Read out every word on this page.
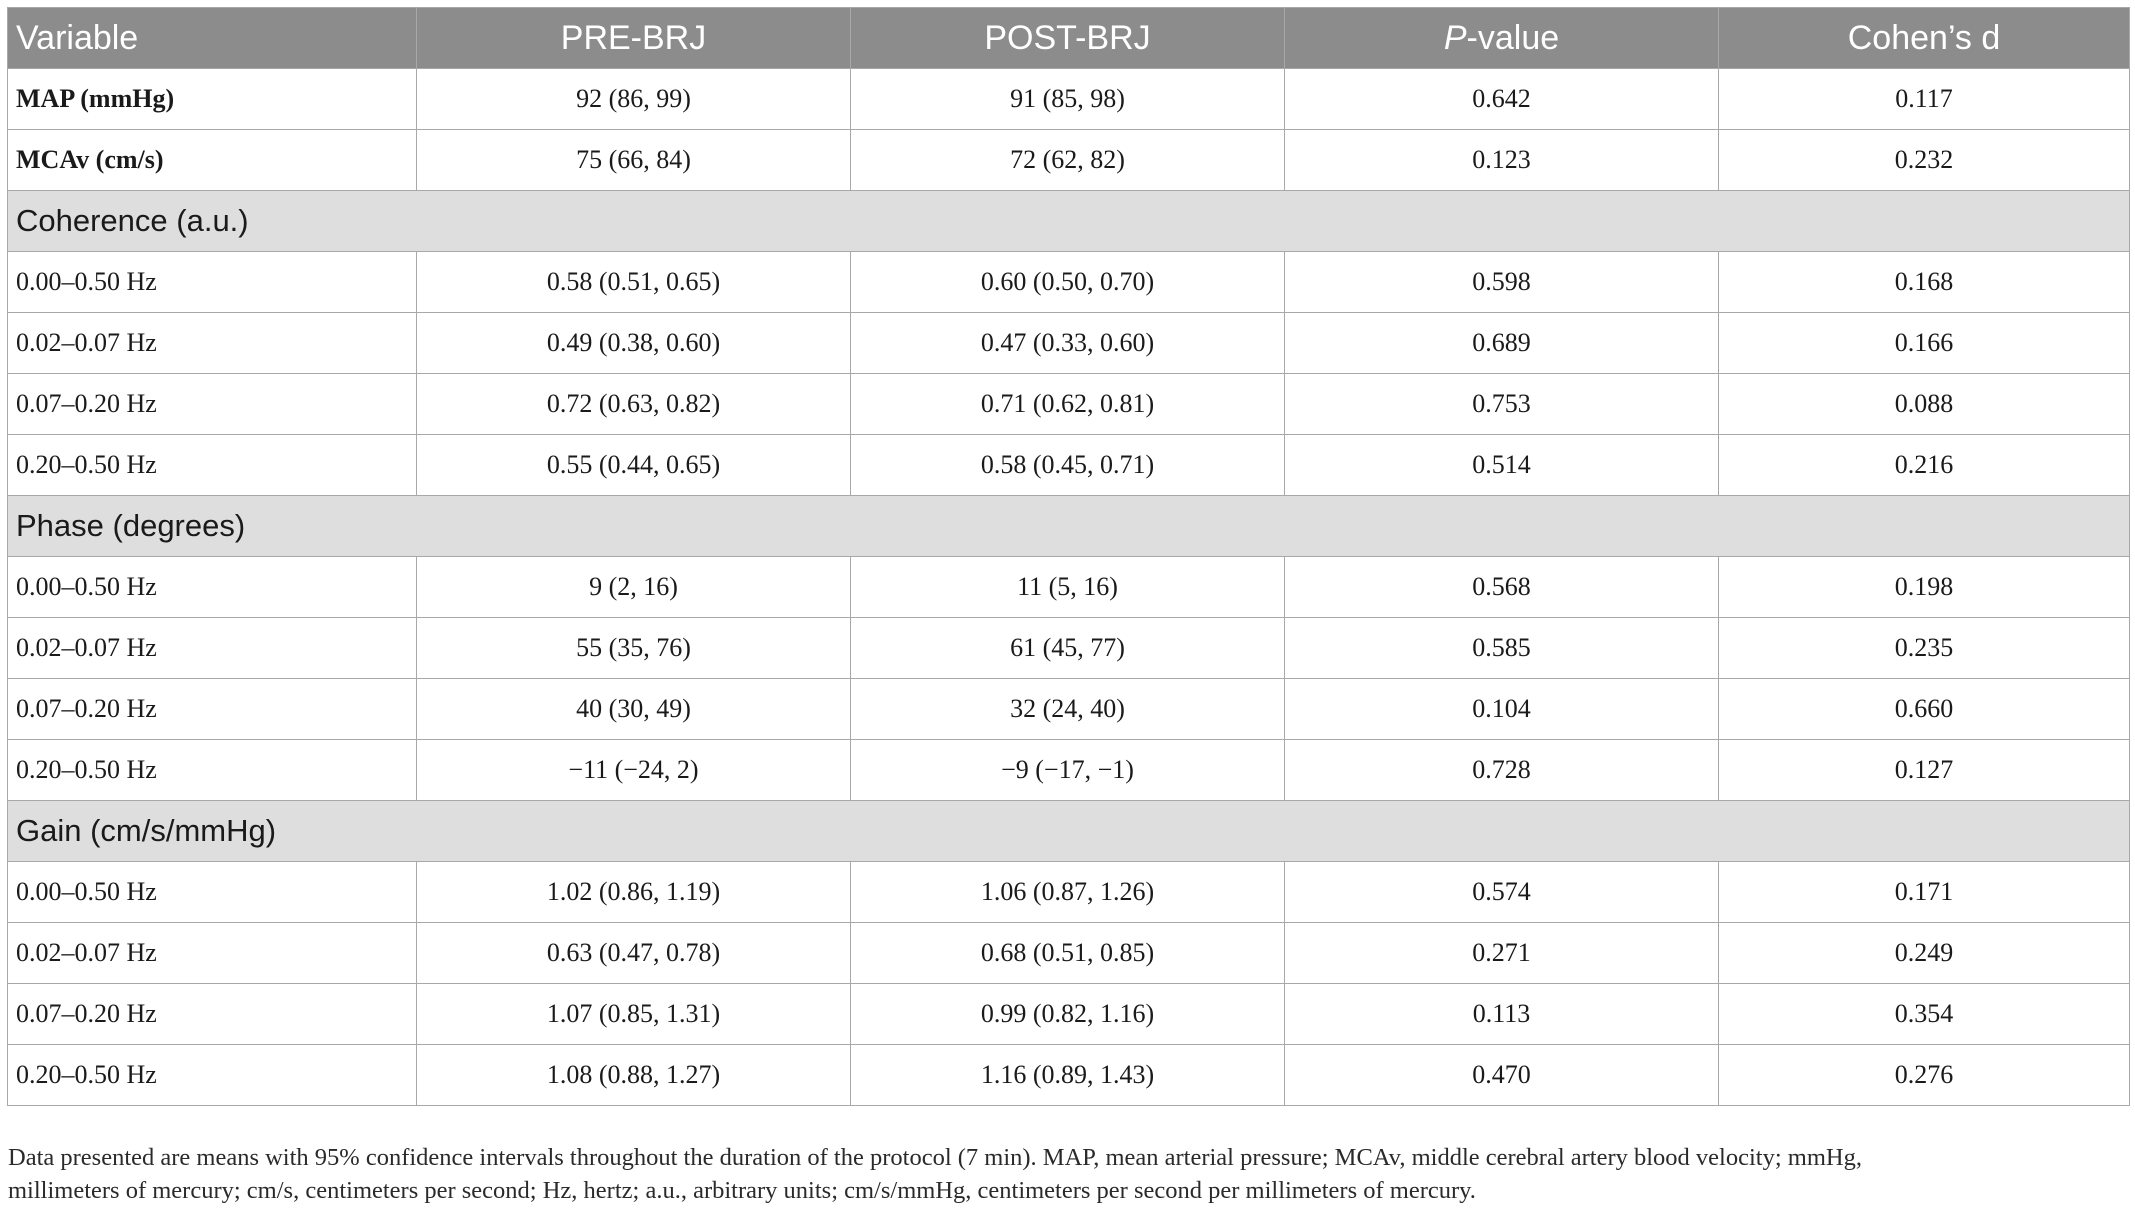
Variable	PRE-BRJ	POST-BRJ	P-value	Cohen’s d
MAP (mmHg)	92 (86, 99)	91 (85, 98)	0.642	0.117
MCAv (cm/s)	75 (66, 84)	72 (62, 82)	0.123	0.232
Coherence (a.u.)				
0.00–0.50 Hz	0.58 (0.51, 0.65)	0.60 (0.50, 0.70)	0.598	0.168
0.02–0.07 Hz	0.49 (0.38, 0.60)	0.47 (0.33, 0.60)	0.689	0.166
0.07–0.20 Hz	0.72 (0.63, 0.82)	0.71 (0.62, 0.81)	0.753	0.088
0.20–0.50 Hz	0.55 (0.44, 0.65)	0.58 (0.45, 0.71)	0.514	0.216
Phase (degrees)				
0.00–0.50 Hz	9 (2, 16)	11 (5, 16)	0.568	0.198
0.02–0.07 Hz	55 (35, 76)	61 (45, 77)	0.585	0.235
0.07–0.20 Hz	40 (30, 49)	32 (24, 40)	0.104	0.660
0.20–0.50 Hz	−11 (−24, 2)	−9 (−17, −1)	0.728	0.127
Gain (cm/s/mmHg)				
0.00–0.50 Hz	1.02 (0.86, 1.19)	1.06 (0.87, 1.26)	0.574	0.171
0.02–0.07 Hz	0.63 (0.47, 0.78)	0.68 (0.51, 0.85)	0.271	0.249
0.07–0.20 Hz	1.07 (0.85, 1.31)	0.99 (0.82, 1.16)	0.113	0.354
0.20–0.50 Hz	1.08 (0.88, 1.27)	1.16 (0.89, 1.43)	0.470	0.276
Data presented are means with 95% confidence intervals throughout the duration of the protocol (7 min). MAP, mean arterial pressure; MCAv, middle cerebral artery blood velocity; mmHg,
millimeters of mercury; cm/s, centimeters per second; Hz, hertz; a.u., arbitrary units; cm/s/mmHg, centimeters per second per millimeters of mercury.
